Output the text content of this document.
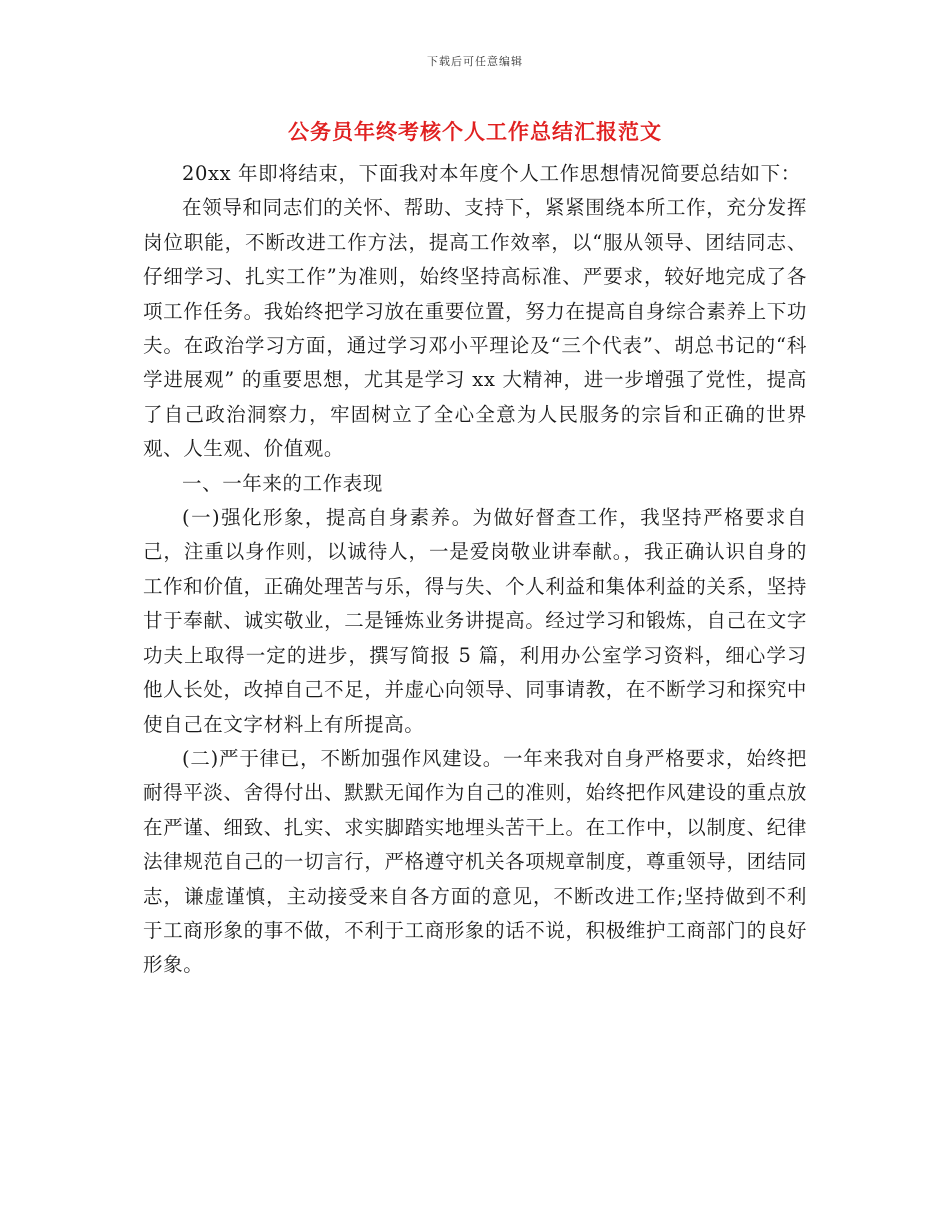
下载后可任意编辑
公务员年终考核个人工作总结汇报范文

20xx 年即将结束，下面我对本年度个人工作思想情况简要总结如下：

在领导和同志们的关怀、帮助、支持下，紧紧围绕本所工作，充分发挥岗位职能，不断改进工作方法，提高工作效率，以“服从领导、团结同志、仔细学习、扎实工作”为准则，始终坚持高标准、严要求，较好地完成了各项工作任务。我始终把学习放在重要位置，努力在提高自身综合素养上下功夫。在政治学习方面，通过学习邓小平理论及“三个代表”、胡总书记的“科学进展观” 的重要思想，尤其是学习 xx 大精神，进一步增强了党性，提高了自己政治洞察力，牢固树立了全心全意为人民服务的宗旨和正确的世界观、人生观、价值观。

一、一年来的工作表现

(一)强化形象，提高自身素养。为做好督查工作，我坚持严格要求自己，注重以身作则，以诚待人，一是爱岗敬业讲奉献。，我正确认识自身的工作和价值，正确处理苦与乐，得与失、个人利益和集体利益的关系，坚持甘于奉献、诚实敬业，二是锤炼业务讲提高。经过学习和锻炼，自己在文字功夫上取得一定的进步，撰写简报 5 篇，利用办公室学习资料，细心学习他人长处，改掉自己不足，并虚心向领导、同事请教，在不断学习和探究中使自己在文字材料上有所提高。

(二)严于律已，不断加强作风建设。一年来我对自身严格要求，始终把耐得平淡、舍得付出、默默无闻作为自己的准则，始终把作风建设的重点放在严谨、细致、扎实、求实脚踏实地埋头苦干上。在工作中，以制度、纪律法律规范自己的一切言行，严格遵守机关各项规章制度，尊重领导，团结同志，谦虚谨慎，主动接受来自各方面的意见，不断改进工作;坚持做到不利于工商形象的事不做，不利于工商形象的话不说，积极维护工商部门的良好形象。
